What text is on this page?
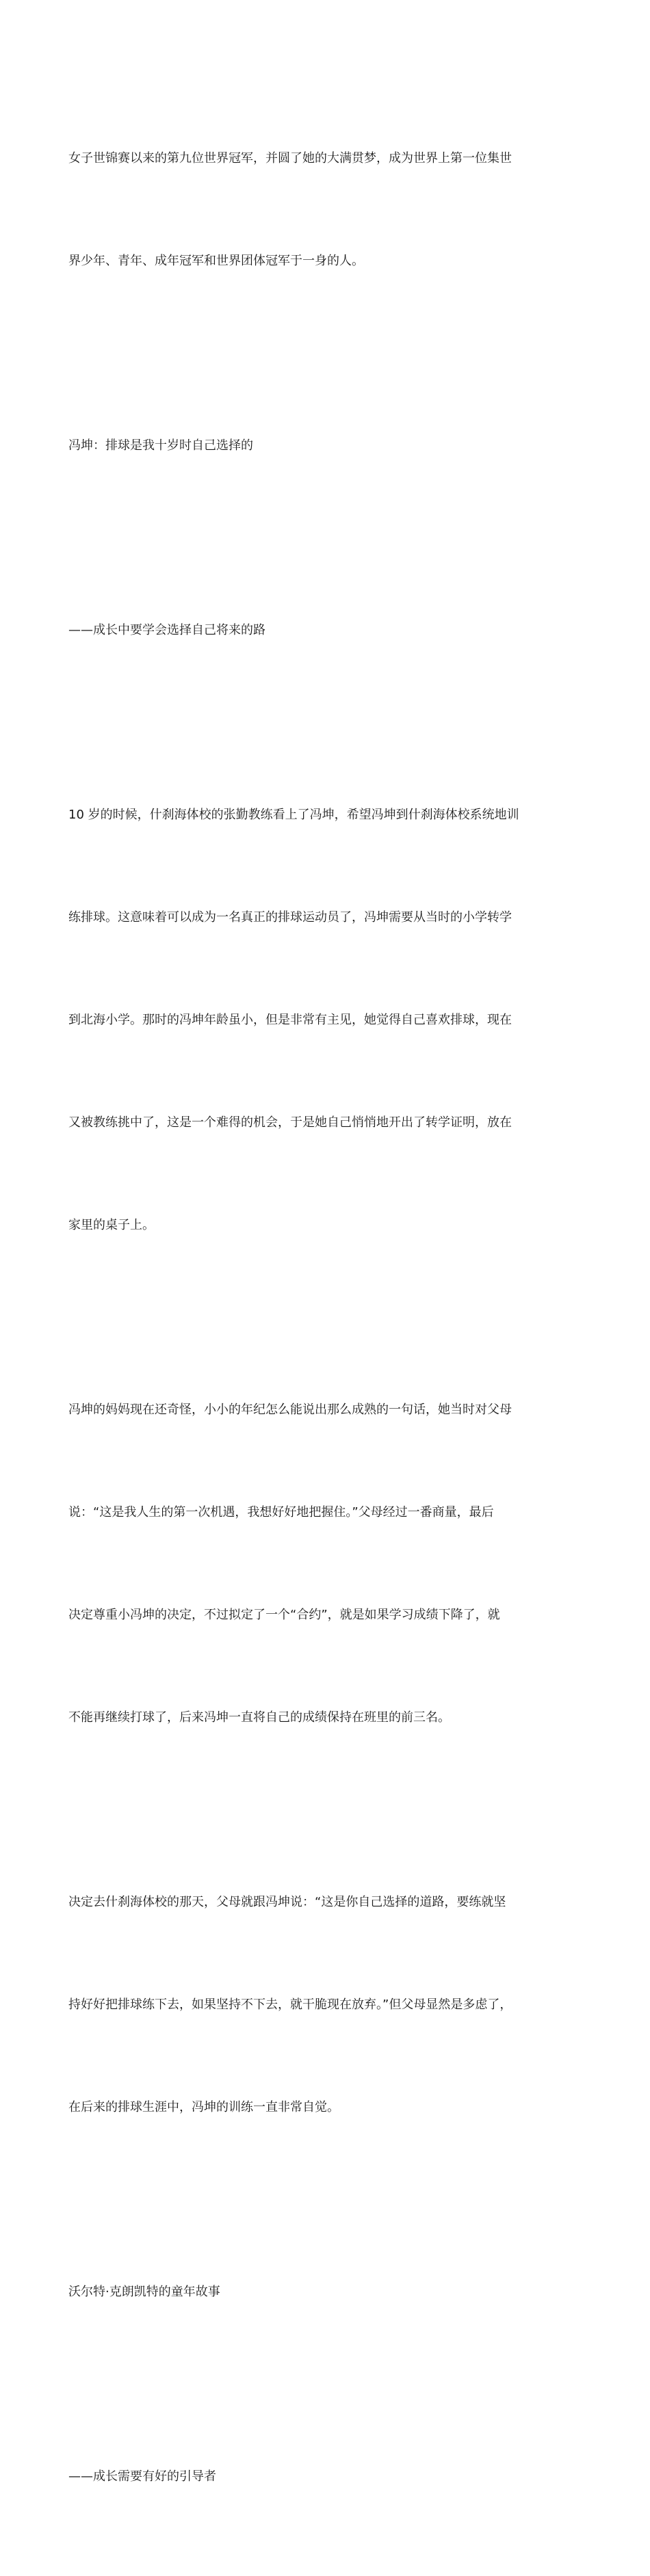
女子世锦赛以来的第九位世界冠军，并圆了她的大满贯梦，成为世界上第一位集世

界少年、青年、成年冠军和世界团体冠军于一身的人。

冯坤：排球是我十岁时自己选择的

——成长中要学会选择自己将来的路

10 岁的时候，什刹海体校的张勤教练看上了冯坤，希望冯坤到什刹海体校系统地训

练排球。这意味着可以成为一名真正的排球运动员了，冯坤需要从当时的小学转学

到北海小学。那时的冯坤年龄虽小，但是非常有主见，她觉得自己喜欢排球，现在

又被教练挑中了，这是一个难得的机会，于是她自己悄悄地开出了转学证明，放在

家里的桌子上。

冯坤的妈妈现在还奇怪，小小的年纪怎么能说出那么成熟的一句话，她当时对父母

说：“这是我人生的第一次机遇，我想好好地把握住。”父母经过一番商量，最后

决定尊重小冯坤的决定，不过拟定了一个“合约”，就是如果学习成绩下降了，就

不能再继续打球了，后来冯坤一直将自己的成绩保持在班里的前三名。

决定去什刹海体校的那天，父母就跟冯坤说：“这是你自己选择的道路，要练就坚

持好好把排球练下去，如果坚持不下去，就干脆现在放弃。”但父母显然是多虑了，

在后来的排球生涯中，冯坤的训练一直非常自觉。

沃尔特·克朗凯特的童年故事

——成长需要有好的引导者
